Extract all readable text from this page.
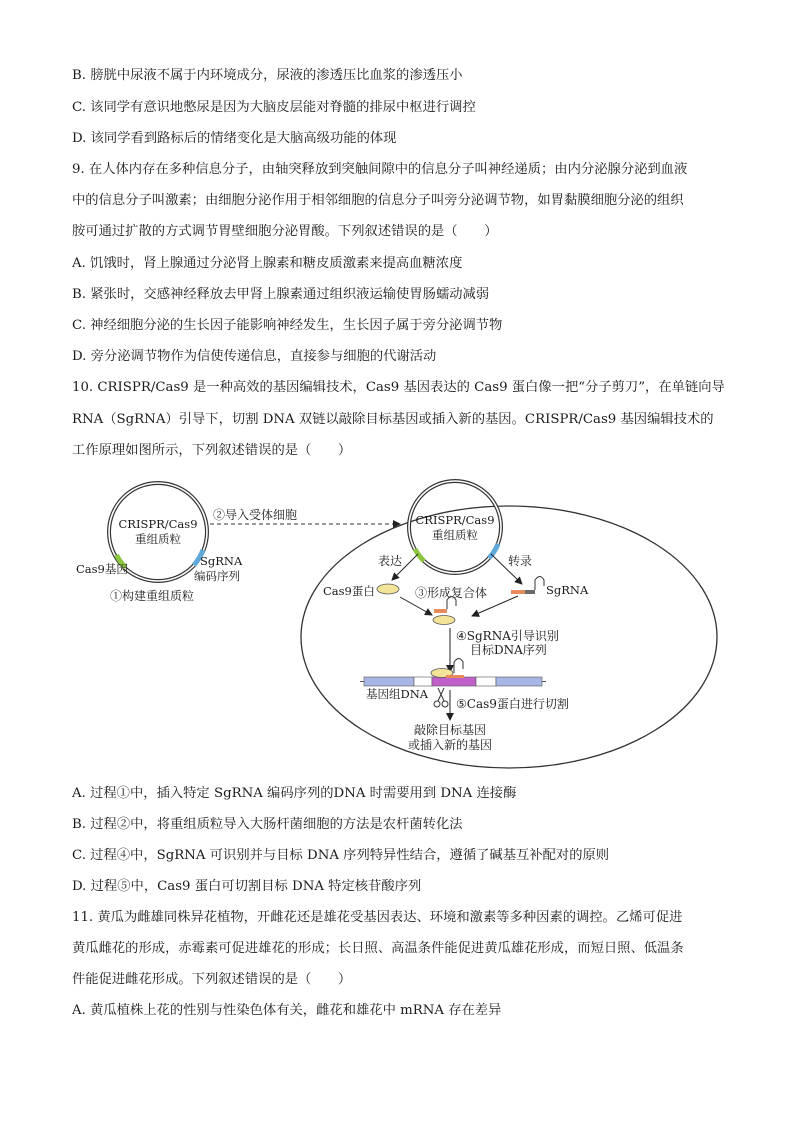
B. 膀胱中尿液不属于内环境成分，尿液的渗透压比血浆的渗透压小
C. 该同学有意识地憋尿是因为大脑皮层能对脊髓的排尿中枢进行调控
D. 该同学看到路标后的情绪变化是大脑高级功能的体现
9. 在人体内存在多种信息分子，由轴突释放到突触间隙中的信息分子叫神经递质；由内分泌腺分泌到血液
中的信息分子叫激素；由细胞分泌作用于相邻细胞的信息分子叫旁分泌调节物，如胃黏膜细胞分泌的组织
胺可通过扩散的方式调节胃壁细胞分泌胃酸。下列叙述错误的是（　　）
A. 饥饿时，肾上腺通过分泌肾上腺素和糖皮质激素来提高血糖浓度
B. 紧张时，交感神经释放去甲肾上腺素通过组织液运输使胃肠蠕动减弱
C. 神经细胞分泌的生长因子能影响神经发生，生长因子属于旁分泌调节物
D. 旁分泌调节物作为信使传递信息，直接参与细胞的代谢活动
10. CRISPR/Cas9 是一种高效的基因编辑技术，Cas9 基因表达的 Cas9 蛋白像一把“分子剪刀”，在单链向导
RNA（SgRNA）引导下，切割 DNA 双链以敲除目标基因或插入新的基因。CRISPR/Cas9 基因编辑技术的
工作原理如图所示，下列叙述错误的是（　　）
CRISPR/Cas9
重组质粒
Cas9基因
SgRNA
编码序列
①构建重组质粒
②导入受体细胞	CRISPR/Cas9
重组质粒
表达	转录
Cas9蛋白	SgRNA
③形成复合体
④SgRNA引导识别
目标DNA序列
基因组DNA
⑤Cas9蛋白进行切割
敲除目标基因
或插入新的基因
A. 过程①中，插入特定 SgRNA 编码序列的DNA 时需要用到 DNA 连接酶
B. 过程②中，将重组质粒导入大肠杆菌细胞的方法是农杆菌转化法
C. 过程④中，SgRNA 可识别并与目标 DNA 序列特异性结合，遵循了碱基互补配对的原则
D. 过程⑤中，Cas9 蛋白可切割目标 DNA 特定核苷酸序列
11. 黄瓜为雌雄同株异花植物，开雌花还是雄花受基因表达、环境和激素等多种因素的调控。乙烯可促进
黄瓜雌花的形成，赤霉素可促进雄花的形成；长日照、高温条件能促进黄瓜雄花形成，而短日照、低温条
件能促进雌花形成。下列叙述错误的是（　　）
A. 黄瓜植株上花的性别与性染色体有关，雌花和雄花中 mRNA 存在差异
